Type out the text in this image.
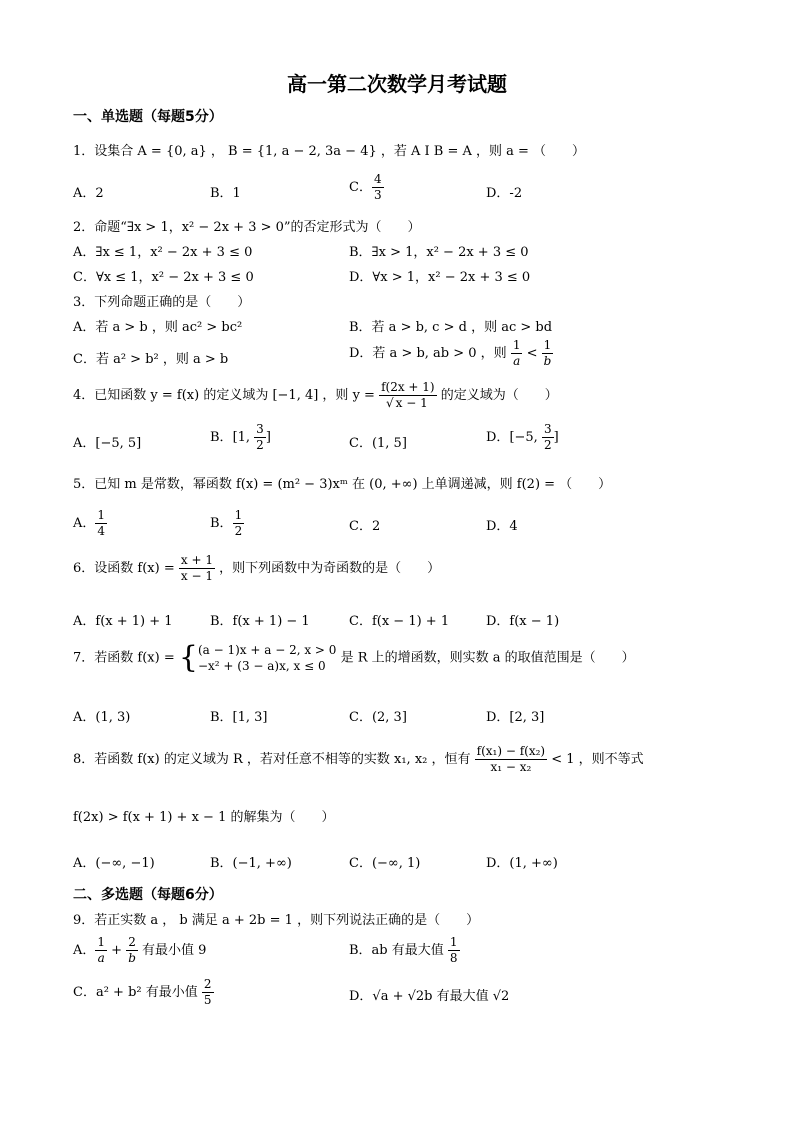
高一第二次数学月考试题
一、单选题（每题5分）
1．设集合 A = {0, a} ， B = {1, a − 2, 3a − 4} ，若 A I B = A ，则 a = （　　）
A．2	B．1	C． $\frac{4}{3}$	D．-2
2．命题“∃x > 1，x² − 2x + 3 > 0”的否定形式为（　　）
A．∃x ≤ 1，x² − 2x + 3 ≤ 0	B．∃x > 1，x² − 2x + 3 ≤ 0
C．∀x ≤ 1，x² − 2x + 3 ≤ 0	D．∀x > 1，x² − 2x + 3 ≤ 0
3．下列命题正确的是（　　）
A．若 a > b ，则 ac² > bc²	B．若 a > b, c > d ，则 ac > bd
C．若 a² > b² ，则 a > b	D．若 a > b, ab > 0 ，则 $\frac{1}{a} < \frac{1}{b}$
4．已知函数 y = f(x) 的定义域为 [−1, 4] ，则 $y = \frac{f(2x + 1)}{√ x - 1}$ 的定义域为（　　）
A．[−5, 5]	B．[1, $\frac{3}{2}$ ]	C．(1, 5]	D．[−5, $\frac{3}{2}$ ]
5．已知 m 是常数，幂函数 f(x) = (m² − 3)xᵐ 在 (0, +∞) 上单调递减，则 f(2) = （　　）
A． $\frac{1}{4}$	B． $\frac{1}{2}$	C．2	D．4
6．设函数 $f(x) = \frac{x + 1}{x - 1}$ ，则下列函数中为奇函数的是（　　）
A．f(x + 1) + 1	B．f(x + 1) − 1	C．f(x − 1) + 1	D．f(x − 1)
7．若函数 f(x) = { (a − 1)x + a − 2, x > 0
−x² + (3 − a)x, x ≤ 0
是 R 上的增函数，则实数 a 的取值范围是（　　）
A．(1, 3)	B．[1, 3]	C．(2, 3]	D．[2, 3]
8．若函数 f(x) 的定义域为 R ，若对任意不相等的实数 x₁, x₂ ，恒有 $\frac{\text{f(x₁) − f(x₂)}}{\text{x₁ − x₂}} < 1$ ，则不等式
f(2x) > f(x + 1) + x − 1 的解集为（　　）
A．(−∞, −1)	B．(−1, +∞)	C．(−∞, 1)	D．(1, +∞)
二、多选题（每题6分）
9．若正实数 a ， b 满足 a + 2b = 1 ，则下列说法正确的是（　　）
A． $\frac{1}{a} + \frac{2}{b}$ 有最小值 9	B．ab 有最大值 $\frac{1}{8}$
C．a² + b² 有最小值 $\frac{2}{5}$	D．√a + √2b 有最大值 √2
